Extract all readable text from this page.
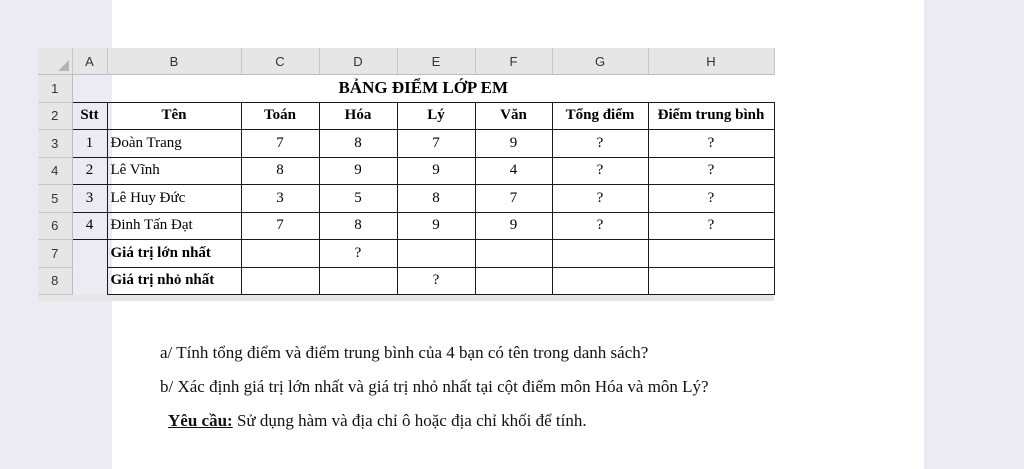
	A	B	C	D	E	F	G	H
1	BẢNG ĐIỂM LỚP EM							
2	Stt	Tên	Toán	Hóa	Lý	Văn	Tổng điểm	Điểm trung bình
3	1	Đoàn Trang	7	8	7	9	?	?
4	2	Lê Vĩnh	8	9	9	4	?	?
5	3	Lê Huy Đức	3	5	8	7	?	?
6	4	Đinh Tấn Đạt	7	8	9	9	?	?
7		Giá trị lớn nhất		?				
8		Giá trị nhỏ nhất			?			

a/ Tính tổng điểm và điểm trung bình của 4 bạn có tên trong danh sách?
b/ Xác định giá trị lớn nhất và giá trị nhỏ nhất tại cột điểm môn Hóa và môn Lý?
Yêu cầu: Sử dụng hàm và địa chỉ ô hoặc địa chỉ khối để tính.
